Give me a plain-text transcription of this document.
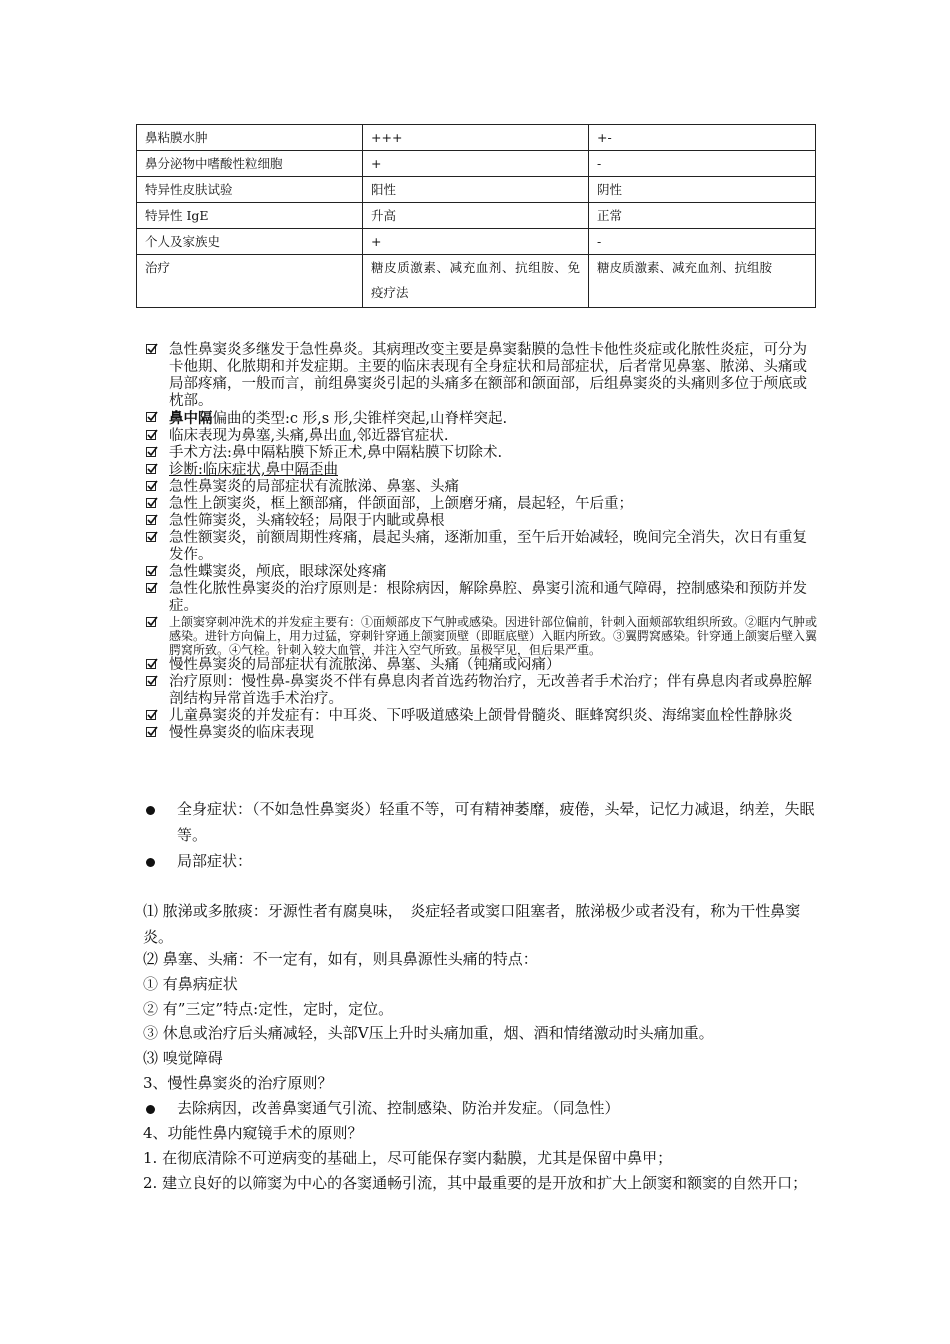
鼻粘膜水肿	+++	+-
鼻分泌物中嗜酸性粒细胞	+	-
特异性皮肤试验	阳性	阴性
特异性 IgE	升高	正常
个人及家族史	+	-
治疗	糖皮质激素、减充血剂、抗组胺、免疫疗法	糖皮质激素、减充血剂、抗组胺
急性鼻窦炎多继发于急性鼻炎。其病理改变主要是鼻窦黏膜的急性卡他性炎症或化脓性炎症，可分为卡他期、化脓期和并发症期。主要的临床表现有全身症状和局部症状，后者常见鼻塞、脓涕、头痛或局部疼痛，一般而言，前组鼻窦炎引起的头痛多在额部和颌面部，后组鼻窦炎的头痛则多位于颅底或枕部。
鼻中隔偏曲的类型:c 形,s 形,尖锥样突起,山脊样突起.
临床表现为鼻塞,头痛,鼻出血,邻近器官症状.
手术方法:鼻中隔粘膜下矫正术,鼻中隔粘膜下切除术.
诊断:临床症状,鼻中隔歪曲
急性鼻窦炎的局部症状有流脓涕、鼻塞、头痛
急性上颌窦炎，框上额部痛，伴颌面部，上颌磨牙痛，晨起轻，午后重；
急性筛窦炎，头痛较轻；局限于内眦或鼻根
急性额窦炎，前额周期性疼痛，晨起头痛，逐渐加重，至午后开始减轻，晚间完全消失，次日有重复发作。
急性蝶窦炎，颅底，眼球深处疼痛
急性化脓性鼻窦炎的治疗原则是：根除病因，解除鼻腔、鼻窦引流和通气障碍，控制感染和预防并发症。
上颌窦穿刺冲洗术的并发症主要有：①面颊部皮下气肿或感染。因进针部位偏前，针刺入面颊部软组织所致。②眶内气肿或感染。进针方向偏上，用力过猛，穿刺针穿通上颌窦顶壁（即眶底壁）入眶内所致。③翼腭窝感染。针穿通上颌窦后壁入翼腭窝所致。④气栓。针刺入较大血管，并注入空气所致。虽极罕见，但后果严重。
慢性鼻窦炎的局部症状有流脓涕、鼻塞、头痛（钝痛或闷痛）
治疗原则：慢性鼻-鼻窦炎不伴有鼻息肉者首选药物治疗，无改善者手术治疗；伴有鼻息肉者或鼻腔解剖结构异常首选手术治疗。
儿童鼻窦炎的并发症有：中耳炎、下呼吸道感染上颌骨骨髓炎、眶蜂窝织炎、海绵窦血栓性静脉炎
慢性鼻窦炎的临床表现
全身症状：（不如急性鼻窦炎）轻重不等，可有精神萎靡，疲倦，头晕，记忆力减退，纳差，失眠等。
局部症状：
⑴ 脓涕或多脓痰：牙源性者有腐臭味，　炎症轻者或窦口阻塞者，脓涕极少或者没有，称为干性鼻窦炎。
⑵ 鼻塞、头痛：不一定有，如有，则具鼻源性头痛的特点：
① 有鼻病症状
② 有”三定”特点:定性，定时，定位。
③ 休息或治疗后头痛减轻，头部Ⅴ压上升时头痛加重，烟、酒和情绪激动时头痛加重。
⑶ 嗅觉障碍
3、慢性鼻窦炎的治疗原则？
去除病因，改善鼻窦通气引流、控制感染、防治并发症。（同急性）
4、功能性鼻内窥镜手术的原则？
1. 在彻底清除不可逆病变的基础上，尽可能保存窦内黏膜，尤其是保留中鼻甲；
2. 建立良好的以筛窦为中心的各窦通畅引流，其中最重要的是开放和扩大上颌窦和额窦的自然开口；
